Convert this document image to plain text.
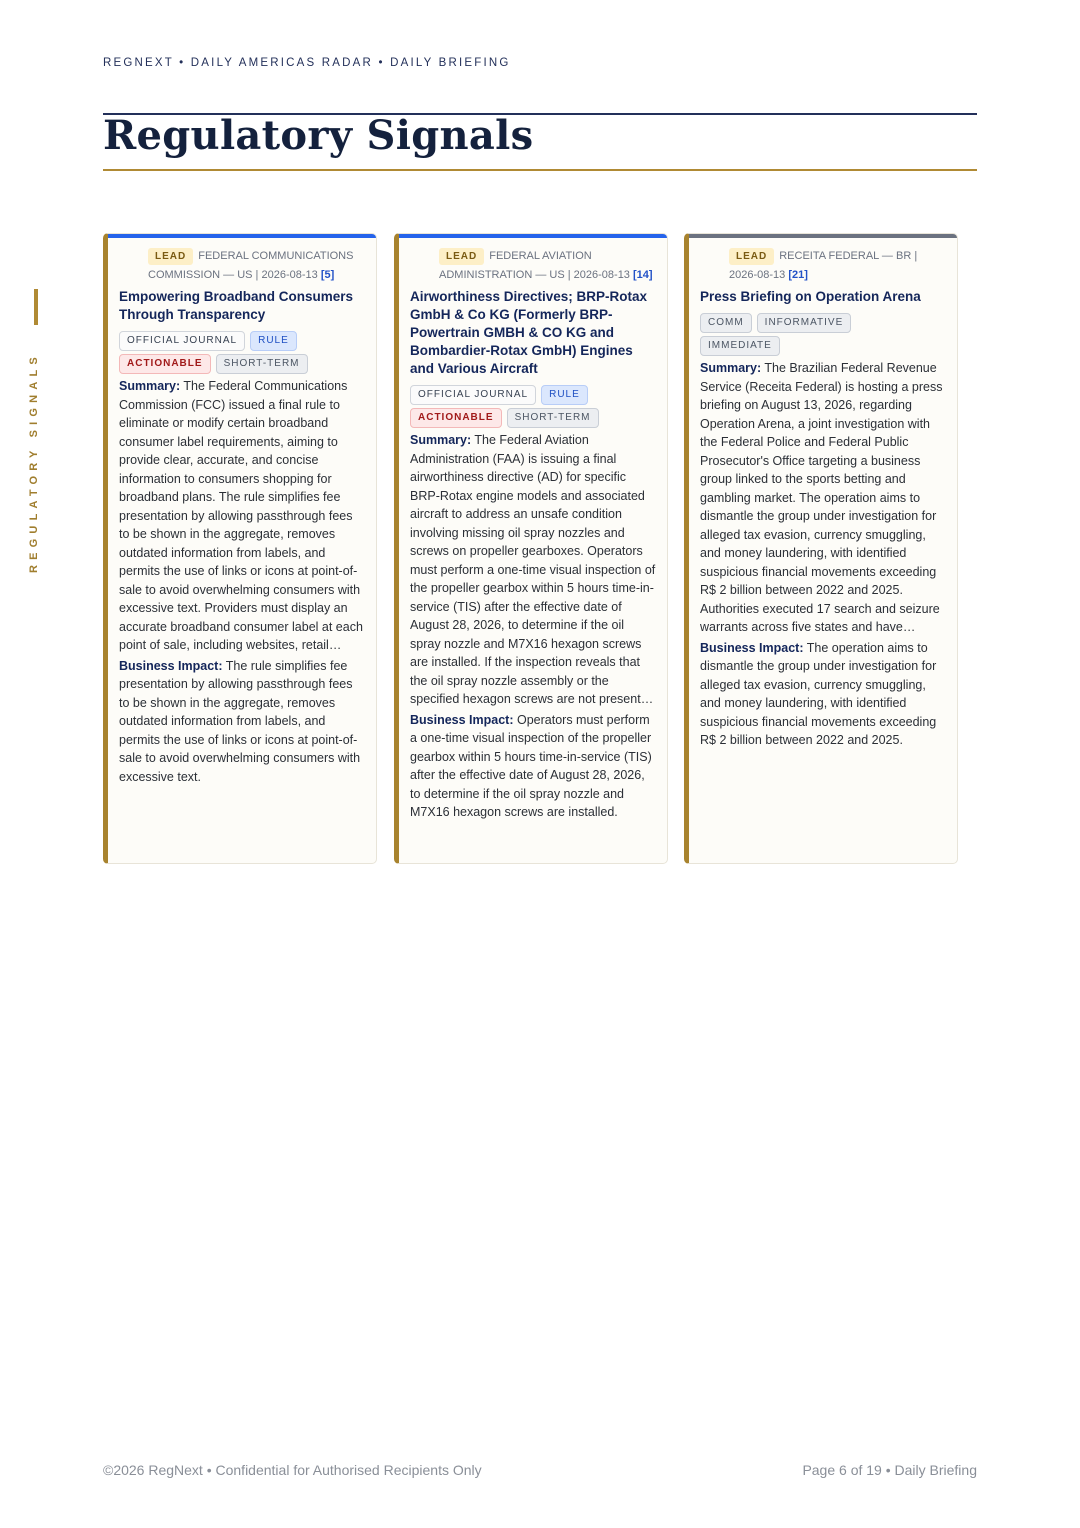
REGNEXT • DAILY AMERICAS RADAR • DAILY BRIEFING
Regulatory Signals
REGULATORY SIGNALS
LEAD FEDERAL COMMUNICATIONS COMMISSION — US | 2026-08-13 [5]
Empowering Broadband Consumers Through Transparency
OFFICIAL JOURNAL RULE
ACTIONABLE SHORT-TERM

Summary: The Federal Communications Commission (FCC) issued a final rule to eliminate or modify certain broadband consumer label requirements, aiming to provide clear, accurate, and concise information to consumers shopping for broadband plans. The rule simplifies fee presentation by allowing passthrough fees to be shown in the aggregate, removes outdated information from labels, and permits the use of links or icons at point-of-sale to avoid overwhelming consumers with excessive text. Providers must display an accurate broadband consumer label at each point of sale, including websites, retail…

Business Impact: The rule simplifies fee presentation by allowing passthrough fees to be shown in the aggregate, removes outdated information from labels, and permits the use of links or icons at point-of-sale to avoid overwhelming consumers with excessive text.

LEAD FEDERAL AVIATION ADMINISTRATION — US | 2026-08-13 [14]
Airworthiness Directives; BRP-Rotax GmbH & Co KG (Formerly BRP-Powertrain GMBH & CO KG and Bombardier-Rotax GmbH) Engines and Various Aircraft
OFFICIAL JOURNAL RULE
ACTIONABLE SHORT-TERM

Summary: The Federal Aviation Administration (FAA) is issuing a final airworthiness directive (AD) for specific BRP-Rotax engine models and associated aircraft to address an unsafe condition involving missing oil spray nozzles and screws on propeller gearboxes. Operators must perform a one-time visual inspection of the propeller gearbox within 5 hours time-in-service (TIS) after the effective date of August 28, 2026, to determine if the oil spray nozzle and M7X16 hexagon screws are installed. If the inspection reveals that the oil spray nozzle assembly or the specified hexagon screws are not present…

Business Impact: Operators must perform a one-time visual inspection of the propeller gearbox within 5 hours time-in-service (TIS) after the effective date of August 28, 2026, to determine if the oil spray nozzle and M7X16 hexagon screws are installed.

LEAD RECEITA FEDERAL — BR | 2026-08-13 [21]
Press Briefing on Operation Arena
COMM INFORMATIVE
IMMEDIATE

Summary: The Brazilian Federal Revenue Service (Receita Federal) is hosting a press briefing on August 13, 2026, regarding Operation Arena, a joint investigation with the Federal Police and Federal Public Prosecutor's Office targeting a business group linked to the sports betting and gambling market. The operation aims to dismantle the group under investigation for alleged tax evasion, currency smuggling, and money laundering, with identified suspicious financial movements exceeding R$ 2 billion between 2022 and 2025. Authorities executed 17 search and seizure warrants across five states and have…

Business Impact: The operation aims to dismantle the group under investigation for alleged tax evasion, currency smuggling, and money laundering, with identified suspicious financial movements exceeding R$ 2 billion between 2022 and 2025.

©2026 RegNext • Confidential for Authorised Recipients Only	Page 6 of 19 • Daily Briefing
